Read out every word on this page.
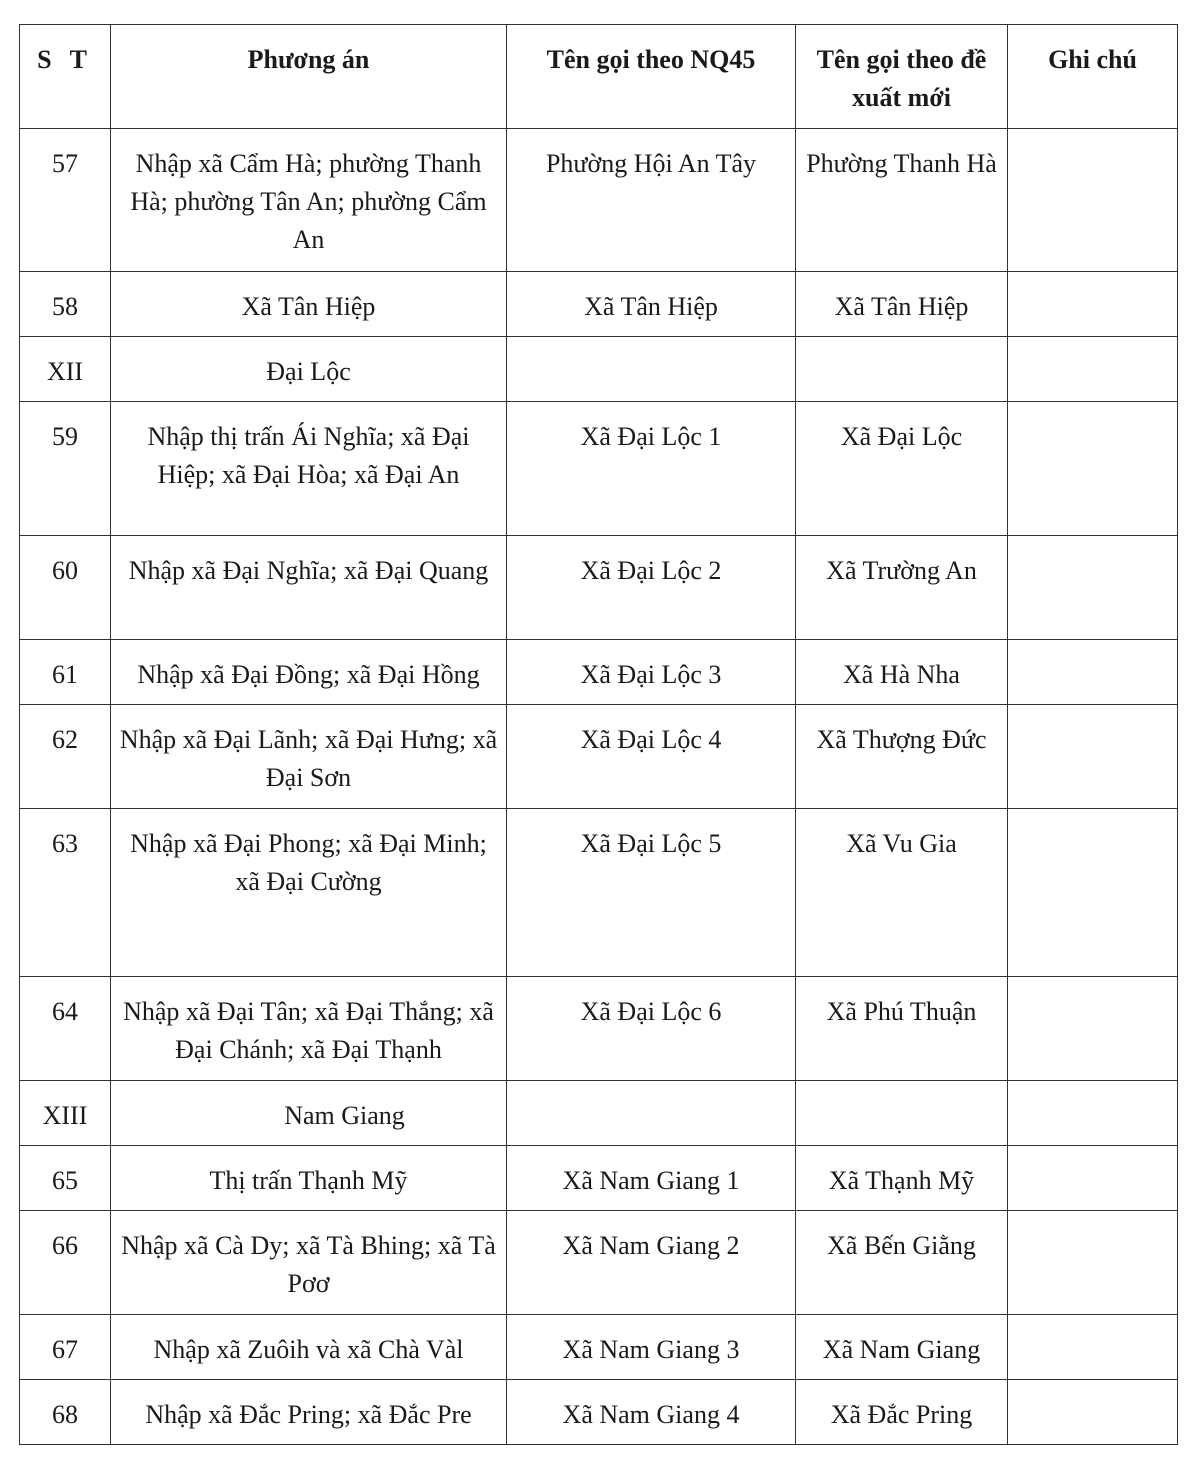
S T	Phương án	Tên gọi theo NQ45	Tên gọi theo đề xuất mới	Ghi chú
57	Nhập xã Cẩm Hà; phường Thanh Hà; phường Tân An; phường Cẩm An	Phường Hội An Tây	Phường Thanh Hà	
58	Xã Tân Hiệp	Xã Tân Hiệp	Xã Tân Hiệp	
XII	Đại Lộc			
59	Nhập thị trấn Ái Nghĩa; xã Đại Hiệp; xã Đại Hòa; xã Đại An	Xã Đại Lộc 1	Xã Đại Lộc	
60	Nhập xã Đại Nghĩa; xã Đại Quang	Xã Đại Lộc 2	Xã Trường An	
61	Nhập xã Đại Đồng; xã Đại Hồng	Xã Đại Lộc 3	Xã Hà Nha	
62	Nhập xã Đại Lãnh; xã Đại Hưng; xã Đại Sơn	Xã Đại Lộc 4	Xã Thượng Đức	
63	Nhập xã Đại Phong; xã Đại Minh; xã Đại Cường	Xã Đại Lộc 5	Xã Vu Gia	
64	Nhập xã Đại Tân; xã Đại Thắng; xã Đại Chánh; xã Đại Thạnh	Xã Đại Lộc 6	Xã Phú Thuận	
XIII	Nam Giang			
65	Thị trấn Thạnh Mỹ	Xã Nam Giang 1	Xã Thạnh Mỹ	
66	Nhập xã Cà Dy; xã Tà Bhing; xã Tà Pơơ	Xã Nam Giang 2	Xã Bến Giằng	
67	Nhập xã Zuôih và xã Chà Vàl	Xã Nam Giang 3	Xã Nam Giang	
68	Nhập xã Đắc Pring; xã Đắc Pre	Xã Nam Giang 4	Xã Đắc Pring	
